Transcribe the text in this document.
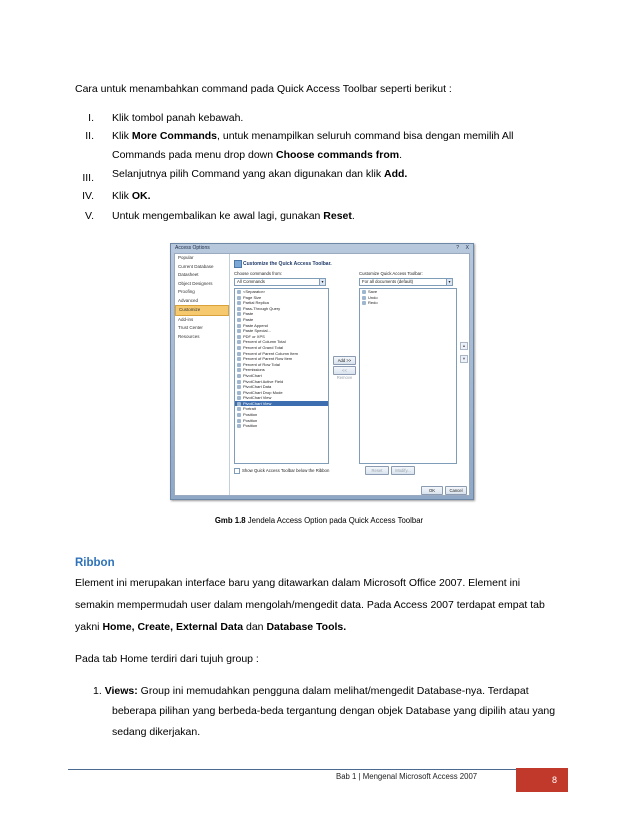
Cara untuk menambahkan command pada Quick Access Toolbar seperti berikut :
I. Klik tombol panah kebawah.
II. Klik More Commands, untuk menampilkan seluruh command bisa dengan memilih All
Commands pada menu drop down Choose commands from.
III. Selanjutnya pilih Command yang akan digunakan dan klik Add.
IV. Klik OK.
V. Untuk mengembalikan ke awal lagi, gunakan Reset.
Access Options	? X
Popular
Current Database
Datasheet
Object Designers
Proofing
Advanced
Customize
Add-ins
Trust Center
Resources
Customize the Quick Access Toolbar.
Choose commands from:
All Commands	▾
Customize Quick Access Toolbar:
For all documents (default)	▾
<Separator>
Page Size
Partial Replica
Pass-Through Query
Paste
Paste
Paste Append
Paste Special...
PDF or XPS
Percent of Column Total
Percent of Grand Total
Percent of Parent Column Item
Percent of Parent Row Item
Percent of Row Total
Permissions
PivotChart
PivotChart Active Field
PivotChart Data
PivotChart Drop Mode
PivotChart View
PivotChart View
Portrait
Position
Position
Position
Add >>
<< Remove
Save
Undo
Redo
▲
▼
Reset	Modify...
Show Quick Access Toolbar below the Ribbon
OK	Cancel
Gmb 1.8 Jendela Access Option pada Quick Access Toolbar
Ribbon
Element ini merupakan interface baru yang ditawarkan dalam Microsoft Office 2007. Element ini
semakin mempermudah user dalam mengolah/mengedit data. Pada Access 2007 terdapat empat tab
yakni Home, Create, External Data dan Database Tools.
Pada tab Home terdiri dari tujuh group :
1. Views: Group ini memudahkan pengguna dalam melihat/mengedit Database-nya. Terdapat
beberapa pilihan yang berbeda-beda tergantung dengan objek Database yang dipilih atau yang
sedang dikerjakan.
Bab 1 | Mengenal Microsoft Access 2007	8
